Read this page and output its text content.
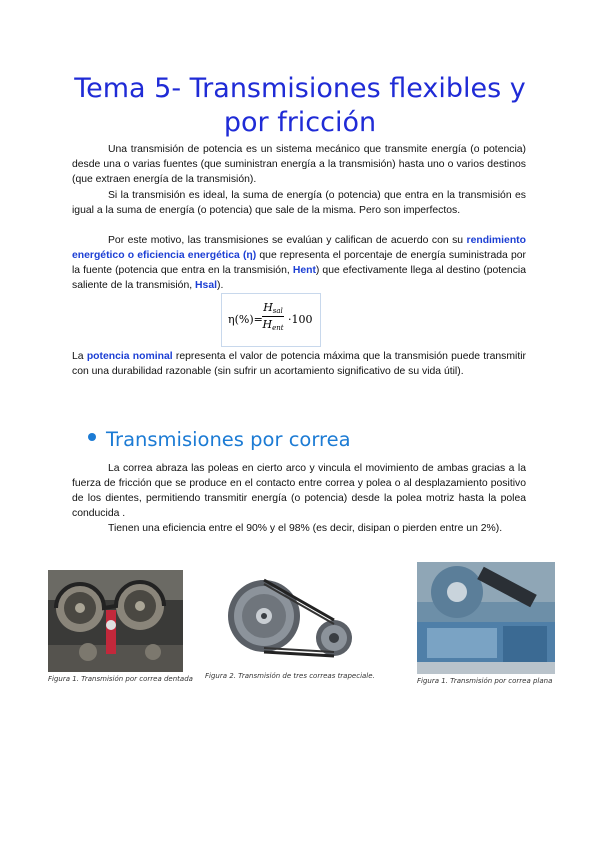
Tema 5- Transmisiones flexibles y por fricción

Una transmisión de potencia es un sistema mecánico que transmite energía (o potencia) desde una o varias fuentes (que suministran energía a la transmisión) hasta uno o varios destinos (que extraen energía de la transmisión).

Si la transmisión es ideal, la suma de energía (o potencia) que entra en la transmisión es igual a la suma de energía (o potencia) que sale de la misma. Pero son imperfectos.

Por este motivo, las transmisiones se evalúan y califican de acuerdo con su rendimiento energético o eficiencia energética (η) que representa el porcentaje de energía suministrada por la fuente (potencia que entra en la transmisión, Hent) que efectivamente llega al destino (potencia saliente de la transmisión, Hsal).

η(%)=
Hsal
Hent
·100

La potencia nominal representa el valor de potencia máxima que la transmisión puede transmitir con una durabilidad razonable (sin sufrir un acortamiento significativo de su vida útil).

Transmisiones por correa

La correa abraza las poleas en cierto arco y vincula el movimiento de ambas gracias a la fuerza de fricción que se produce en el contacto entre correa y polea o al desplazamiento positivo de los dientes, permitiendo transmitir energía (o potencia) desde la polea motriz hasta la polea conducida .

Tienen una eficiencia entre el 90% y el 98% (es decir, disipan o pierden entre un 2%).

Figura 1. Transmisión por correa dentada Figura 2. Transmisión de tres correas trapeciale.
Figura 1. Transmisión por correa plana
